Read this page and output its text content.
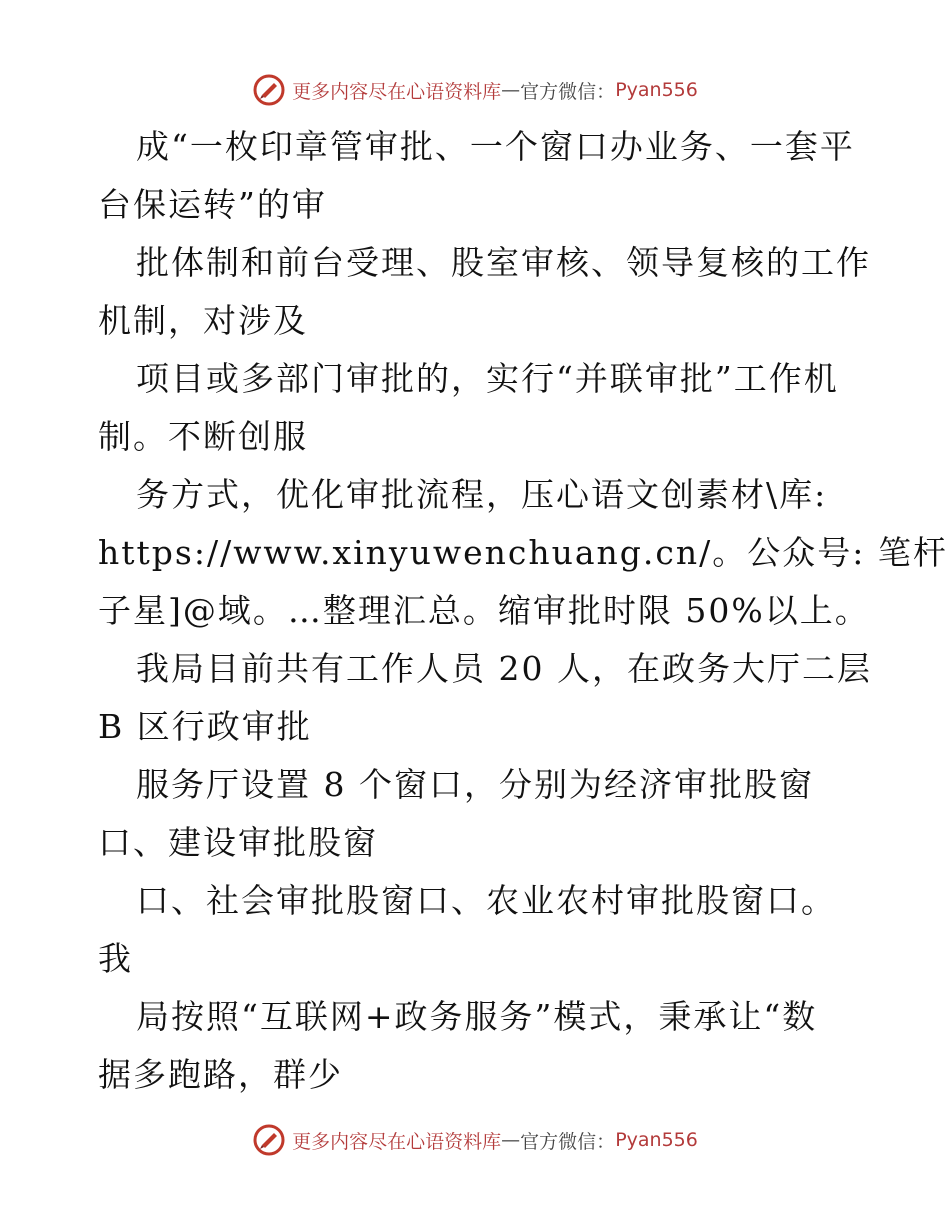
更多内容尽在心语资料库 — 官方微信： Pyan556
成“一枚印章管审批、一个窗口办业务、一套平
台保运转”的审
批体制和前台受理、股室审核、领导复核的工作
机制，对涉及
项目或多部门审批的，实行“并联审批”工作机
制。不断创服
务方式，优化审批流程，压心语文创素材\库:
https://www.xinyuwenchuang.cn/。公众号: 笔杆
子星]@域。…整理汇总。缩审批时限 50%以上。
我局目前共有工作人员 20 人，在政务大厅二层
B 区行政审批
服务厅设置 8 个窗口，分别为经济审批股窗
口、建设审批股窗
口、社会审批股窗口、农业农村审批股窗口。
我
局按照“互联网+政务服务”模式，秉承让“数
据多跑路，群少
更多内容尽在心语资料库 — 官方微信： Pyan556
